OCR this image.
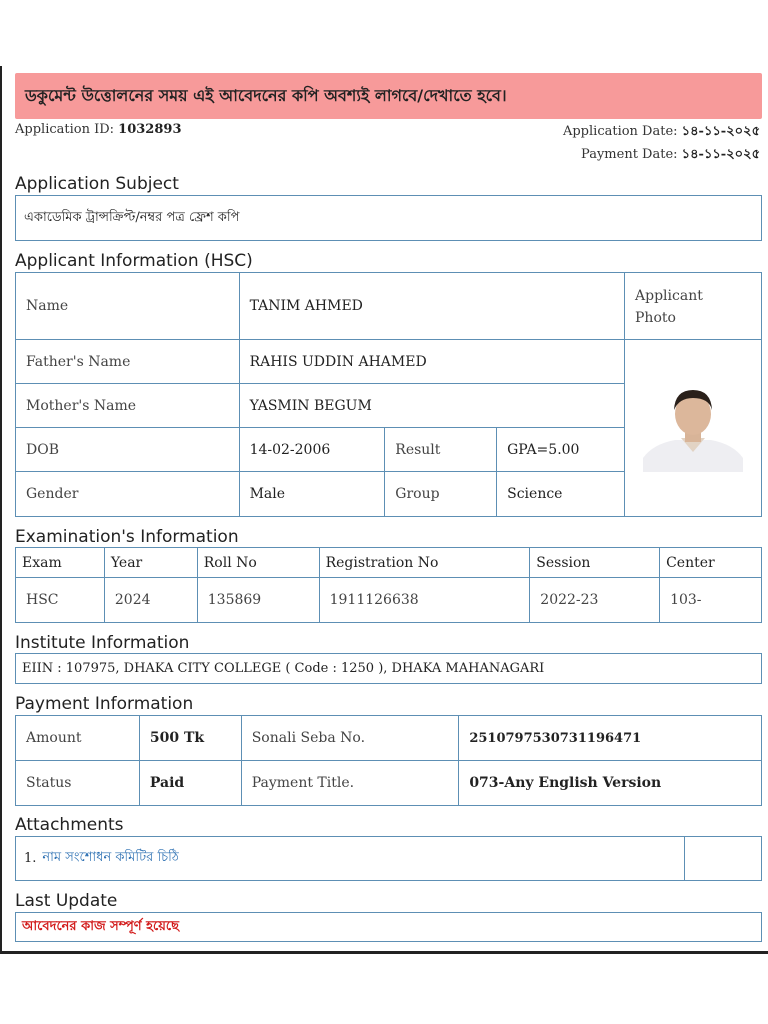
ডকুমেন্ট উত্তোলনের সময় এই আবেদনের কপি অবশ্যই লাগবে/দেখাতে হবে।
Application ID: 1032893	Application Date: ১৪-১১-২০২৫
Payment Date: ১৪-১১-২০২৫
Application Subject
একাডেমিক ট্রান্সক্রিপ্ট/নম্বর পত্র ফ্রেশ কপি
Applicant Information (HSC)
Name	TANIM AHMED			Applicant
Photo
Father's Name	RAHIS UDDIN AHAMED	
Mother's Name	YASMIN BEGUM			
DOB	14-02-2006	Result	GPA=5.00	
Gender	Male	Group	Science	
Examination's Information
Exam	Year	Roll No	Registration No	Session	Center
HSC	2024	135869	1911126638	2022-23	103-
Institute Information
EIIN : 107975, DHAKA CITY COLLEGE ( Code : 1250 ), DHAKA MAHANAGARI
Payment Information
Amount	500 Tk	Sonali Seba No.	2510797530731196471
Status	Paid	Payment Title.	073-Any English Version
Attachments
1. নাম সংশোধন কমিটির চিঠি
Last Update
আবেদনের কাজ সম্পূর্ণ হয়েছে
